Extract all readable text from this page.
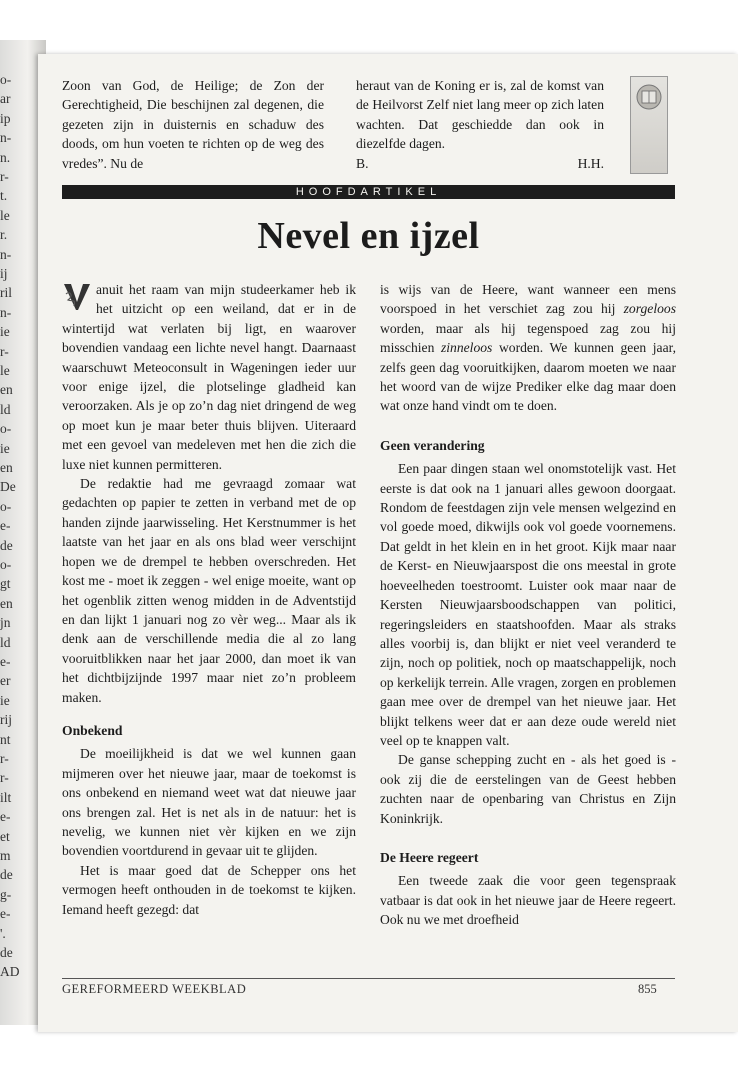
o-
ar
ip
n-
n.
r-
t.
le
r.
n-
ij
ril
n-
ie
r-
le
en
ld
o-
ie
en
De
o-
e-
de
o-
gt
en
jn
ld
e-
er
ie
rij
nt
r-
r-
ilt
e-
et
m
de
g-
e-
'.
de
AD

Zoon van God, de Heilige; de Zon der Gerechtigheid, Die beschijnen zal degenen, die gezeten zijn in duisternis en schaduw des doods, om hun voeten te richten op de weg des vredes”. Nu de

heraut van de Koning er is, zal de komst van de Heilvorst Zelf niet lang meer op zich laten wachten. Dat geschiedde dan ook in diezelfde dagen.

B.	H.H.
HOOFDARTIKEL
Nevel en ijzel

anuit het raam van mijn studeerkamer heb ik het uitzicht op een weiland, dat er in de wintertijd wat verlaten bij ligt, en waarover bovendien vandaag een lichte nevel hangt. Daarnaast waarschuwt Meteoconsult in Wageningen ieder uur voor enige ijzel, die plotselinge gladheid kan veroorzaken. Als je op zo’n dag niet dringend de weg op moet kun je maar beter thuis blijven. Uiteraard met een gevoel van medeleven met hen die zich die luxe niet kunnen permitteren.

De redaktie had me gevraagd zomaar wat gedachten op papier te zetten in verband met de op handen zijnde jaarwisseling. Het Kerstnummer is het laatste van het jaar en als ons blad weer verschijnt hopen we de drempel te hebben overschreden. Het kost me - moet ik zeggen - wel enige moeite, want op het ogenblik zitten wenog midden in de Adventstijd en dan lijkt 1 januari nog zo vèr weg... Maar als ik denk aan de verschillende media die al zo lang vooruitblikken naar het jaar 2000, dan moet ik van het dichtbijzijnde 1997 maar niet zo’n probleem maken.

Onbekend

De moeilijkheid is dat we wel kunnen gaan mijmeren over het nieuwe jaar, maar de toekomst is ons onbekend en niemand weet wat dat nieuwe jaar ons brengen zal. Het is net als in de natuur: het is nevelig, we kunnen niet vèr kijken en we zijn bovendien voortdurend in gevaar uit te glijden.

Het is maar goed dat de Schepper ons het vermogen heeft onthouden in de toekomst te kijken. Iemand heeft gezegd: dat

is wijs van de Heere, want wanneer een mens voorspoed in het verschiet zag zou hij zorgeloos worden, maar als hij tegenspoed zag zou hij misschien zinneloos worden. We kunnen geen jaar, zelfs geen dag vooruitkijken, daarom moeten we naar het woord van de wijze Prediker elke dag maar doen wat onze hand vindt om te doen.

Geen verandering

Een paar dingen staan wel onomstotelijk vast. Het eerste is dat ook na 1 januari alles gewoon doorgaat. Rondom de feestdagen zijn vele mensen welgezind en vol goede moed, dikwijls ook vol goede voornemens. Dat geldt in het klein en in het groot. Kijk maar naar de Kerst- en Nieuwjaarspost die ons meestal in grote hoeveelheden toestroomt. Luister ook maar naar de Kersten Nieuwjaarsboodschappen van politici, regeringsleiders en staatshoofden. Maar als straks alles voorbij is, dan blijkt er niet veel veranderd te zijn, noch op politiek, noch op maatschappelijk, noch op kerkelijk terrein. Alle vragen, zorgen en problemen gaan mee over de drempel van het nieuwe jaar. Het blijkt telkens weer dat er aan deze oude wereld niet veel op te knappen valt.

De ganse schepping zucht en - als het goed is - ook zij die de eerstelingen van de Geest hebben zuchten naar de openbaring van Christus en Zijn Koninkrijk.

De Heere regeert

Een tweede zaak die voor geen tegenspraak vatbaar is dat ook in het nieuwe jaar de Heere regeert. Ook nu we met droefheid

GEREFORMEERD WEEKBLAD	855
